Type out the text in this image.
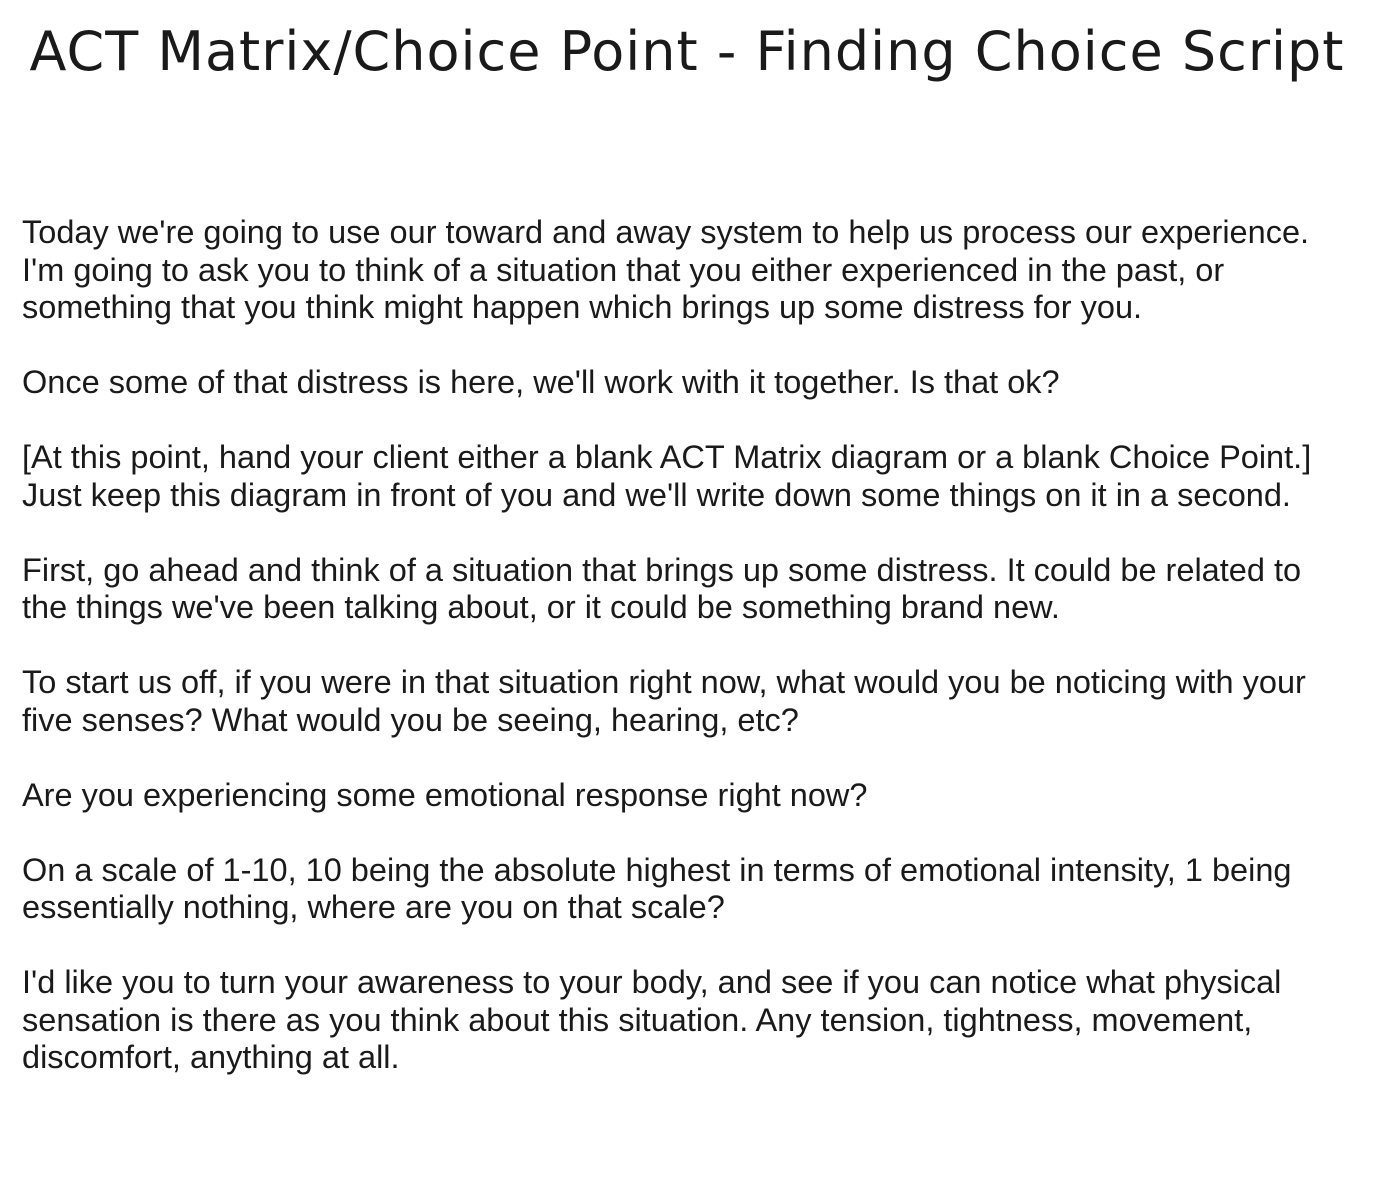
ACT Matrix/Choice Point - Finding Choice Script

Today we're going to use our toward and away system to help us process our experience. I'm going to ask you to think of a situation that you either experienced in the past, or something that you think might happen which brings up some distress for you.

Once some of that distress is here, we'll work with it together. Is that ok?

[At this point, hand your client either a blank ACT Matrix diagram or a blank Choice Point.] Just keep this diagram in front of you and we'll write down some things on it in a second.

First, go ahead and think of a situation that brings up some distress. It could be related to the things we've been talking about, or it could be something brand new.

To start us off, if you were in that situation right now, what would you be noticing with your five senses? What would you be seeing, hearing, etc?

Are you experiencing some emotional response right now?

On a scale of 1-10, 10 being the absolute highest in terms of emotional intensity, 1 being essentially nothing, where are you on that scale?

I'd like you to turn your awareness to your body, and see if you can notice what physical sensation is there as you think about this situation. Any tension, tightness, movement, discomfort, anything at all.
